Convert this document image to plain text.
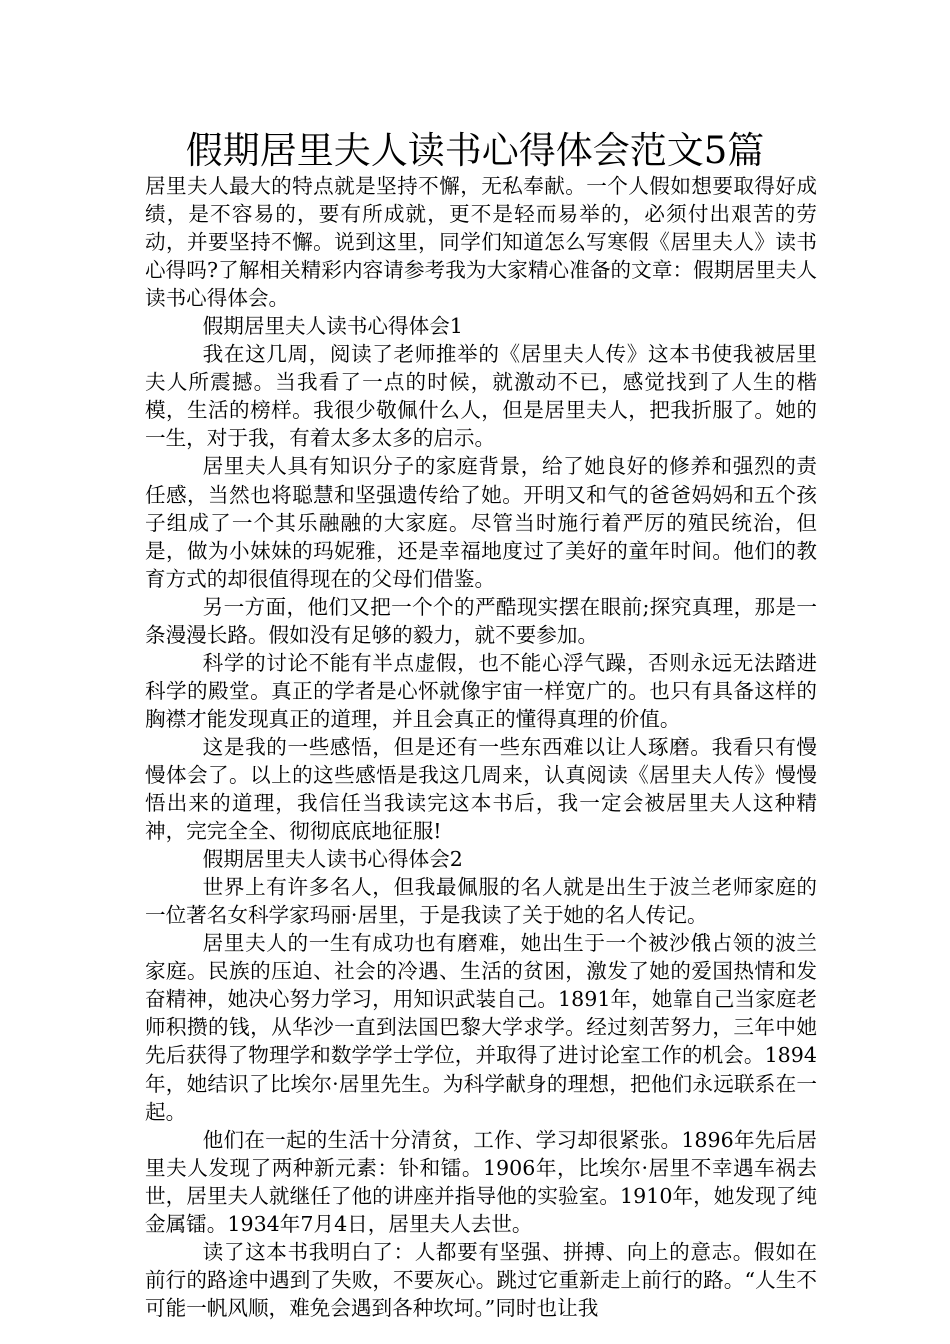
假期居里夫人读书心得体会范文5篇

居里夫人最大的特点就是坚持不懈，无私奉献。一个人假如想要取得好成绩，是不容易的，要有所成就，更不是轻而易举的，必须付出艰苦的劳动，并要坚持不懈。说到这里，同学们知道怎么写寒假《居里夫人》读书心得吗?了解相关精彩内容请参考我为大家精心准备的文章：假期居里夫人读书心得体会。

假期居里夫人读书心得体会1

我在这几周，阅读了老师推举的《居里夫人传》这本书使我被居里夫人所震撼。当我看了一点的时候，就激动不已，感觉找到了人生的楷模，生活的榜样。我很少敬佩什么人，但是居里夫人，把我折服了。她的一生，对于我，有着太多太多的启示。

居里夫人具有知识分子的家庭背景，给了她良好的修养和强烈的责任感，当然也将聪慧和坚强遗传给了她。开明又和气的爸爸妈妈和五个孩子组成了一个其乐融融的大家庭。尽管当时施行着严厉的殖民统治，但是，做为小妹妹的玛妮雅，还是幸福地度过了美好的童年时间。他们的教育方式的却很值得现在的父母们借鉴。

另一方面，他们又把一个个的严酷现实摆在眼前;探究真理，那是一条漫漫长路。假如没有足够的毅力，就不要参加。

科学的讨论不能有半点虚假，也不能心浮气躁，否则永远无法踏进科学的殿堂。真正的学者是心怀就像宇宙一样宽广的。也只有具备这样的胸襟才能发现真正的道理，并且会真正的懂得真理的价值。

这是我的一些感悟，但是还有一些东西难以让人琢磨。我看只有慢慢体会了。以上的这些感悟是我这几周来，认真阅读《居里夫人传》慢慢悟出来的道理，我信任当我读完这本书后，我一定会被居里夫人这种精神，完完全全、彻彻底底地征服!

假期居里夫人读书心得体会2

世界上有许多名人，但我最佩服的名人就是出生于波兰老师家庭的一位著名女科学家玛丽·居里，于是我读了关于她的名人传记。

居里夫人的一生有成功也有磨难，她出生于一个被沙俄占领的波兰家庭。民族的压迫、社会的冷遇、生活的贫困，激发了她的爱国热情和发奋精神，她决心努力学习，用知识武装自己。1891年，她靠自己当家庭老师积攒的钱，从华沙一直到法国巴黎大学求学。经过刻苦努力，三年中她先后获得了物理学和数学学士学位，并取得了进讨论室工作的机会。1894年，她结识了比埃尔·居里先生。为科学献身的理想，把他们永远联系在一起。

他们在一起的生活十分清贫，工作、学习却很紧张。1896年先后居里夫人发现了两种新元素：钋和镭。1906年，比埃尔·居里不幸遇车祸去世，居里夫人就继任了他的讲座并指导他的实验室。1910年，她发现了纯金属镭。1934年7月4日，居里夫人去世。

读了这本书我明白了：人都要有坚强、拼搏、向上的意志。假如在前行的路途中遇到了失败，不要灰心。跳过它重新走上前行的路。“人生不可能一帆风顺，难免会遇到各种坎坷。”同时也让我
